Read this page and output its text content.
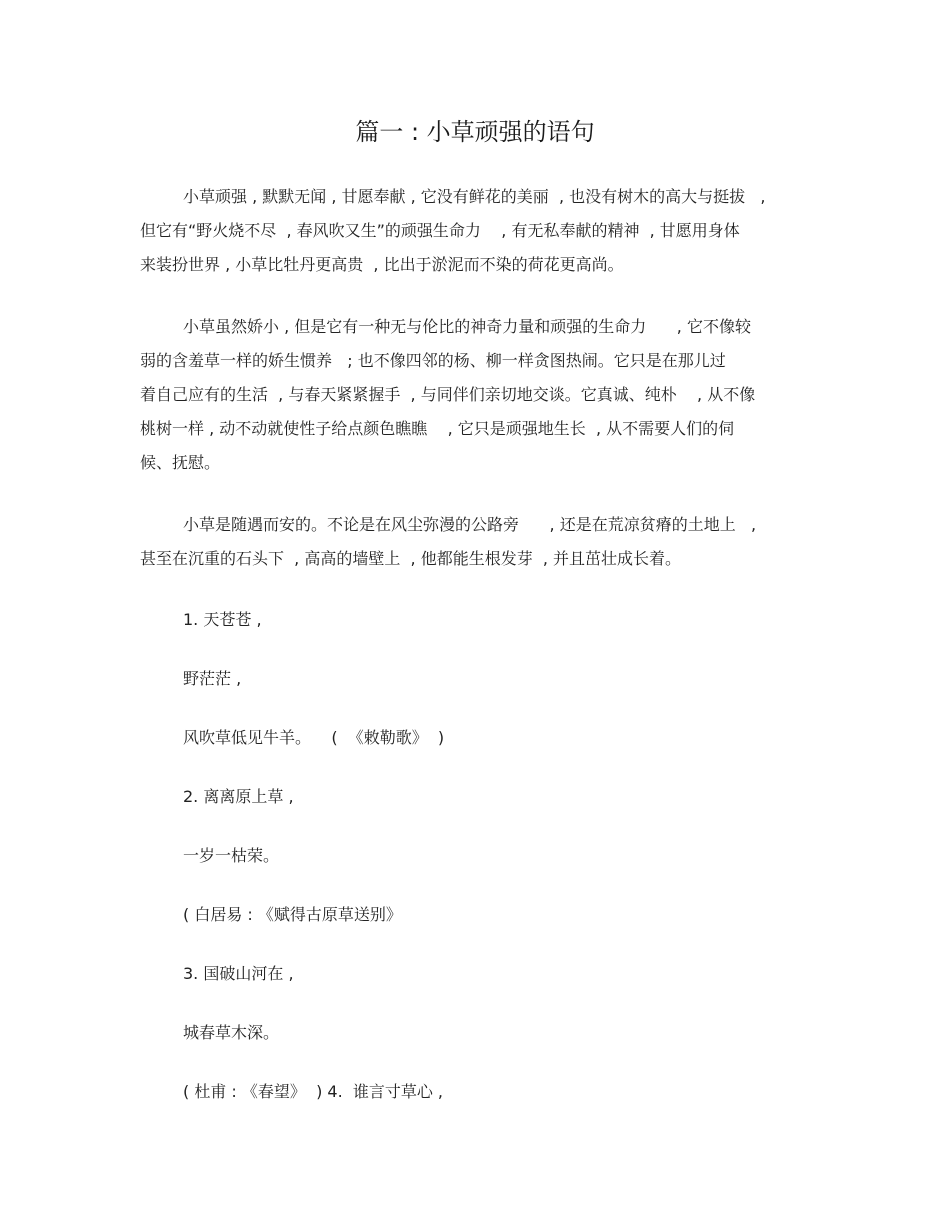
篇一 : 小草顽强的语句
小草顽强 , 默默无闻 , 甘愿奉献 , 它没有鲜花的美丽  , 也没有树木的高大与挺拔   ,
但它有“野火烧不尽  , 春风吹又生”的顽强生命力    , 有无私奉献的精神  , 甘愿用身体
来装扮世界 , 小草比牡丹更高贵  , 比出于淤泥而不染的荷花更高尚。
小草虽然娇小 , 但是它有一种无与伦比的神奇力量和顽强的生命力      , 它不像较
弱的含羞草一样的娇生惯养   ; 也不像四邻的杨、柳一样贪图热闹。它只是在那儿过
着自己应有的生活  , 与春天紧紧握手  , 与同伴们亲切地交谈。它真诚、纯朴    , 从不像
桃树一样 , 动不动就使性子给点颜色瞧瞧    , 它只是顽强地生长  , 从不需要人们的伺
候、抚慰。
小草是随遇而安的。不论是在风尘弥漫的公路旁      , 还是在荒凉贫瘠的土地上   ,
甚至在沉重的石头下  , 高高的墙壁上  , 他都能生根发芽  , 并且茁壮成长着。
1. 天苍苍 ,
野茫茫 ,
风吹草低见牛羊。    (  《敕勒歌》  )
2. 离离原上草 ,
一岁一枯荣。
( 白居易 : 《赋得古原草送别》
3. 国破山河在 ,
城春草木深。
( 杜甫 : 《春望》  ) 4.  谁言寸草心 ,
